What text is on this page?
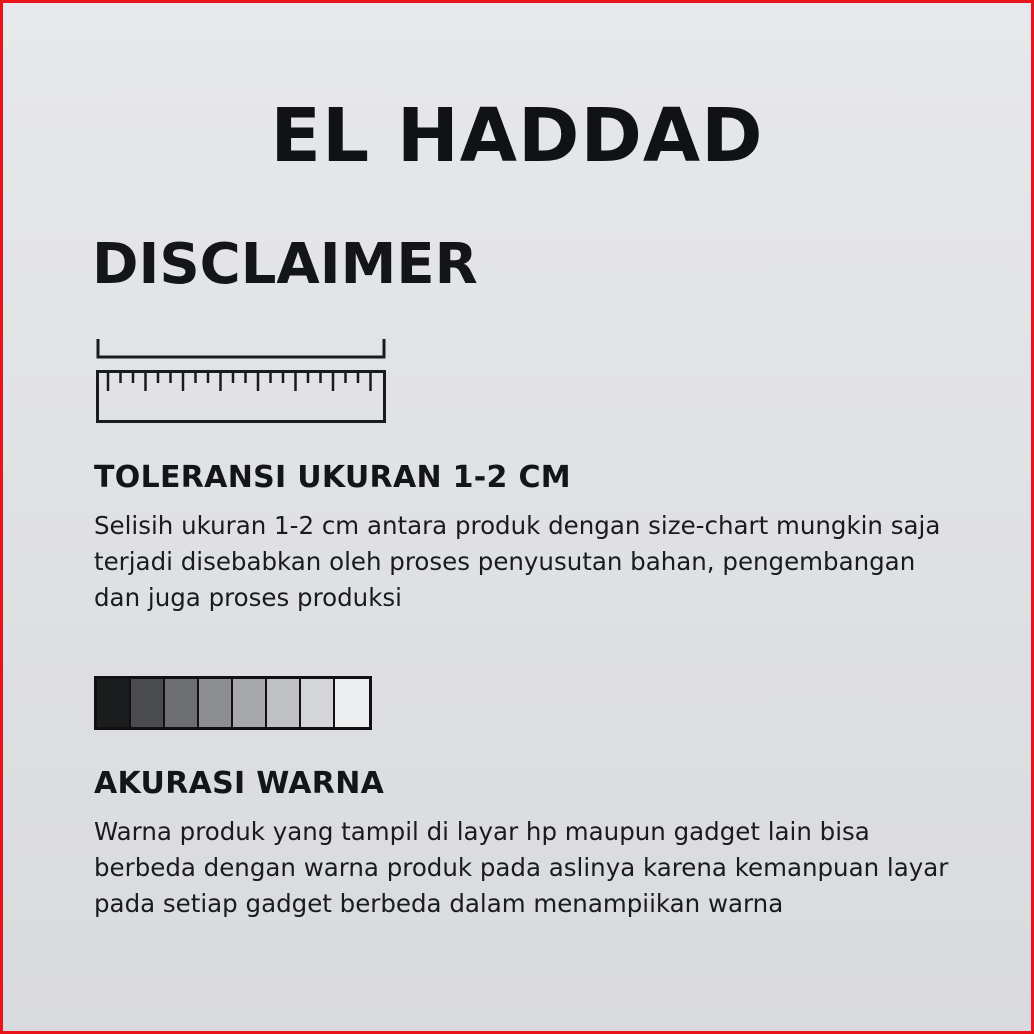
EL HADDAD
DISCLAIMER
TOLERANSI UKURAN 1-2 CM
Selisih ukuran 1-2 cm antara produk dengan size-chart mungkin saja terjadi disebabkan oleh proses penyusutan bahan, pengembangan dan juga proses produksi
AKURASI WARNA
Warna produk yang tampil di layar hp maupun gadget lain bisa berbeda dengan warna produk pada aslinya karena kemanpuan layar pada setiap gadget berbeda dalam menampiikan warna
